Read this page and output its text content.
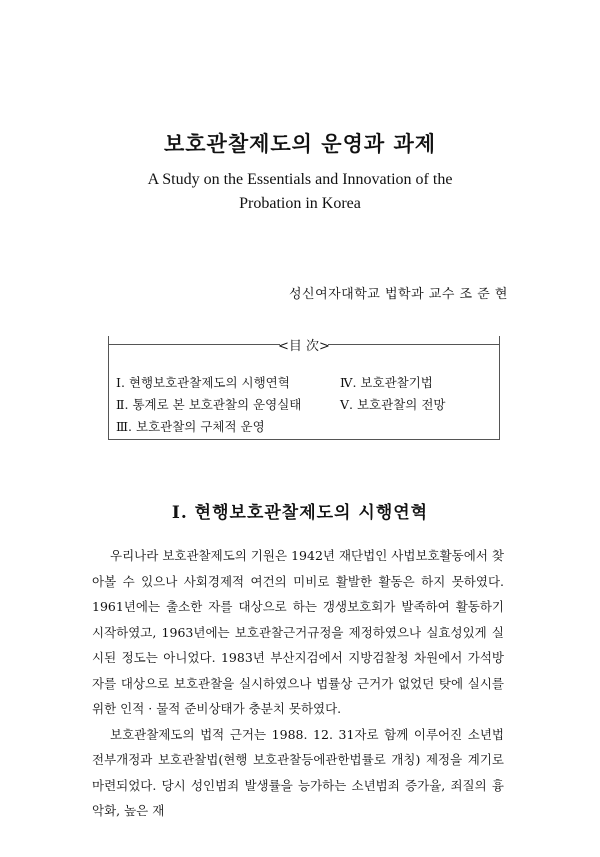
보호관찰제도의 운영과 과제
A Study on the Essentials and Innovation of the
Probation in Korea
성신여자대학교 법학과 교수 조 준 현
<目 次>
Ⅰ. 현행보호관찰제도의 시행연혁
Ⅱ. 통계로 본 보호관찰의 운영실태
Ⅲ. 보호관찰의 구체적 운영
Ⅳ. 보호관찰기법
Ⅴ. 보호관찰의 전망
Ⅰ. 현행보호관찰제도의 시행연혁

우리나라 보호관찰제도의 기원은 1942년 재단법인 사법보호활동에서 찾아볼 수 있으나 사회경제적 여건의 미비로 활발한 활동은 하지 못하였다. 1961년에는 출소한 자를 대상으로 하는 갱생보호회가 발족하여 활동하기 시작하였고, 1963년에는 보호관찰근거규정을 제정하였으나 실효성있게 실시된 정도는 아니었다. 1983년 부산지검에서 지방검찰청 차원에서 가석방자를 대상으로 보호관찰을 실시하였으나 법률상 근거가 없었던 탓에 실시를 위한 인적 · 물적 준비상태가 충분치 못하였다.

보호관찰제도의 법적 근거는 1988. 12. 31자로 함께 이루어진 소년법 전부개정과 보호관찰법(현행 보호관찰등에관한법률로 개칭) 제정을 계기로 마련되었다. 당시 성인범죄 발생률을 능가하는 소년범죄 증가율, 죄질의 흉악화, 높은 재
